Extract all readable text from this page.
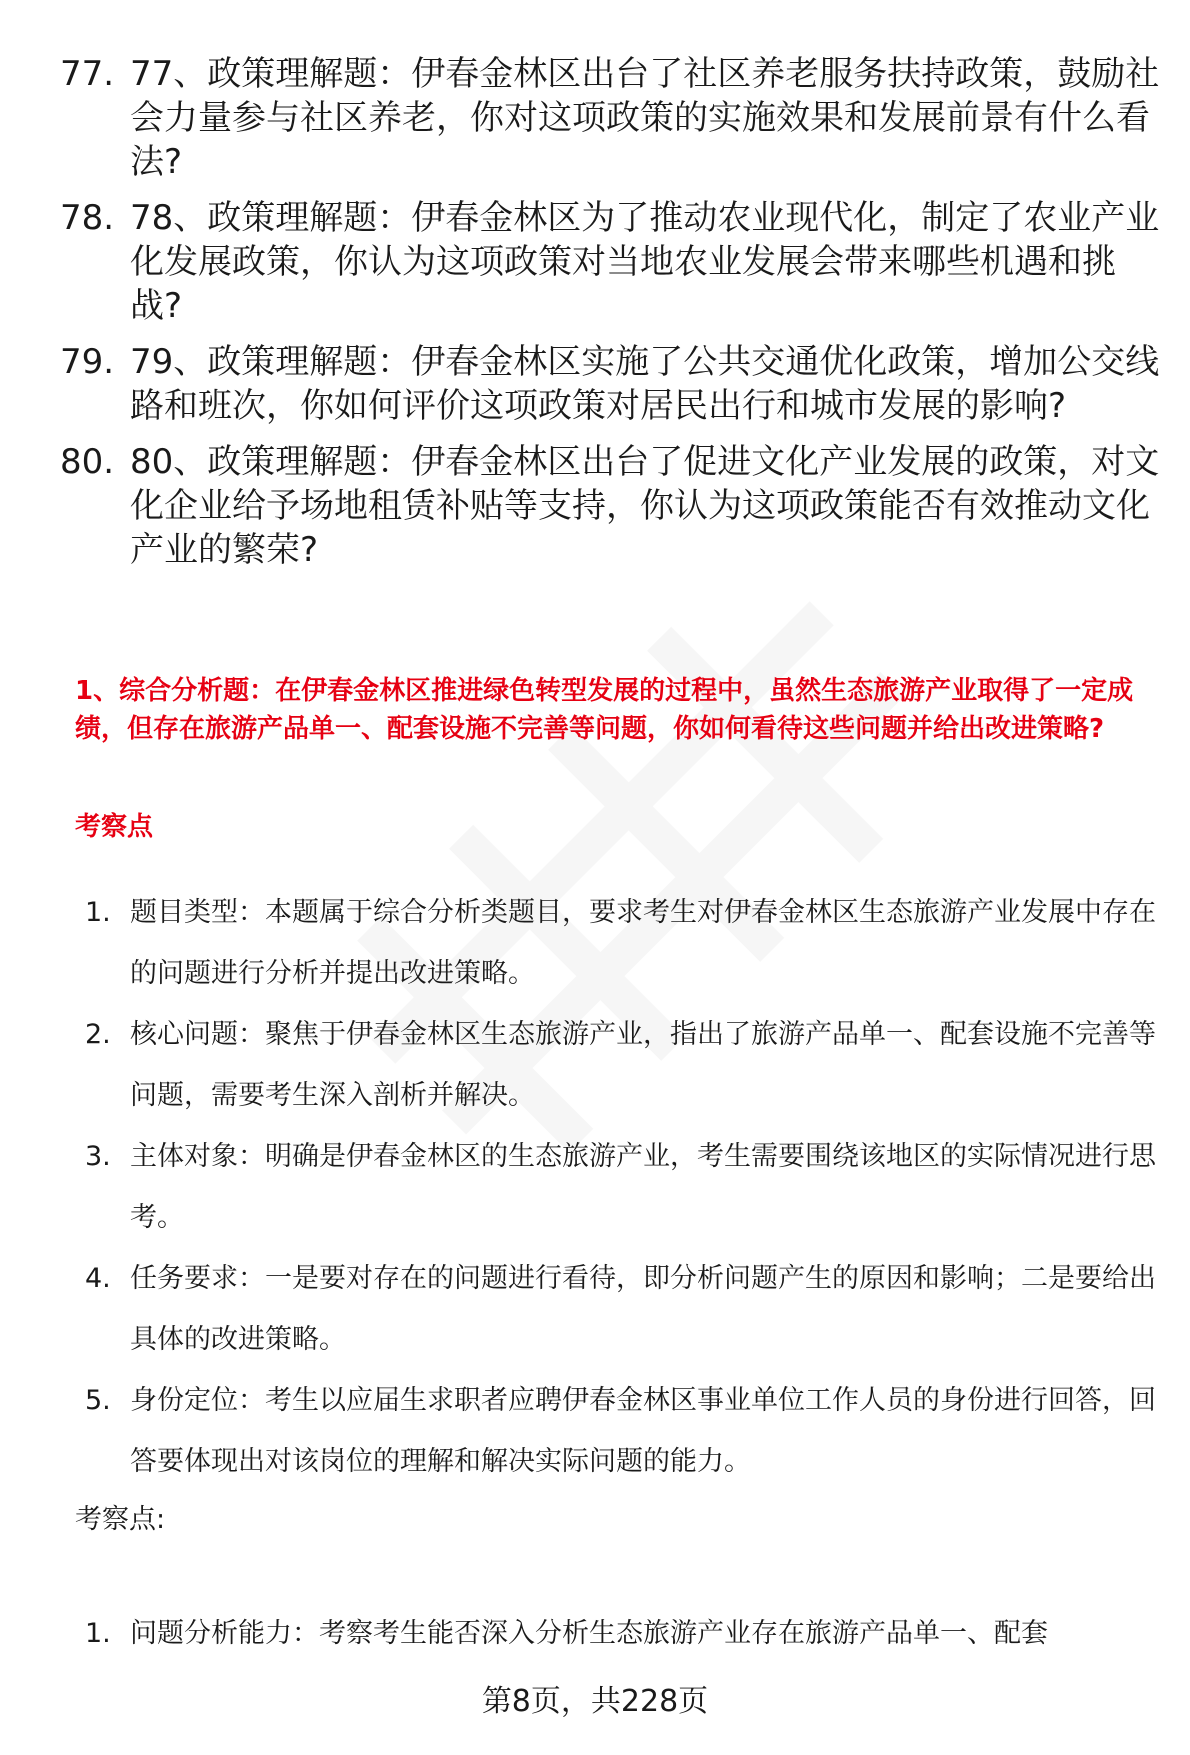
77. 77、政策理解题：伊春金林区出台了社区养老服务扶持政策，鼓励社会力量参与社区养老，你对这项政策的实施效果和发展前景有什么看法?
78. 78、政策理解题：伊春金林区为了推动农业现代化，制定了农业产业化发展政策，你认为这项政策对当地农业发展会带来哪些机遇和挑战?
79. 79、政策理解题：伊春金林区实施了公共交通优化政策，增加公交线路和班次，你如何评价这项政策对居民出行和城市发展的影响?
80. 80、政策理解题：伊春金林区出台了促进文化产业发展的政策，对文化企业给予场地租赁补贴等支持，你认为这项政策能否有效推动文化产业的繁荣?

1、综合分析题：在伊春金林区推进绿色转型发展的过程中，虽然生态旅游产业取得了一定成绩，但存在旅游产品单一、配套设施不完善等问题，你如何看待这些问题并给出改进策略?

考察点

1. 题目类型：本题属于综合分析类题目，要求考生对伊春金林区生态旅游产业发展中存在的问题进行分析并提出改进策略。
2. 核心问题：聚焦于伊春金林区生态旅游产业，指出了旅游产品单一、配套设施不完善等问题，需要考生深入剖析并解决。
3. 主体对象：明确是伊春金林区的生态旅游产业，考生需要围绕该地区的实际情况进行思考。
4. 任务要求：一是要对存在的问题进行看待，即分析问题产生的原因和影响；二是要给出具体的改进策略。
5. 身份定位：考生以应届生求职者应聘伊春金林区事业单位工作人员的身份进行回答，回答要体现出对该岗位的理解和解决实际问题的能力。

考察点:

1. 问题分析能力：考察考生能否深入分析生态旅游产业存在旅游产品单一、配套
第8页，共228页
